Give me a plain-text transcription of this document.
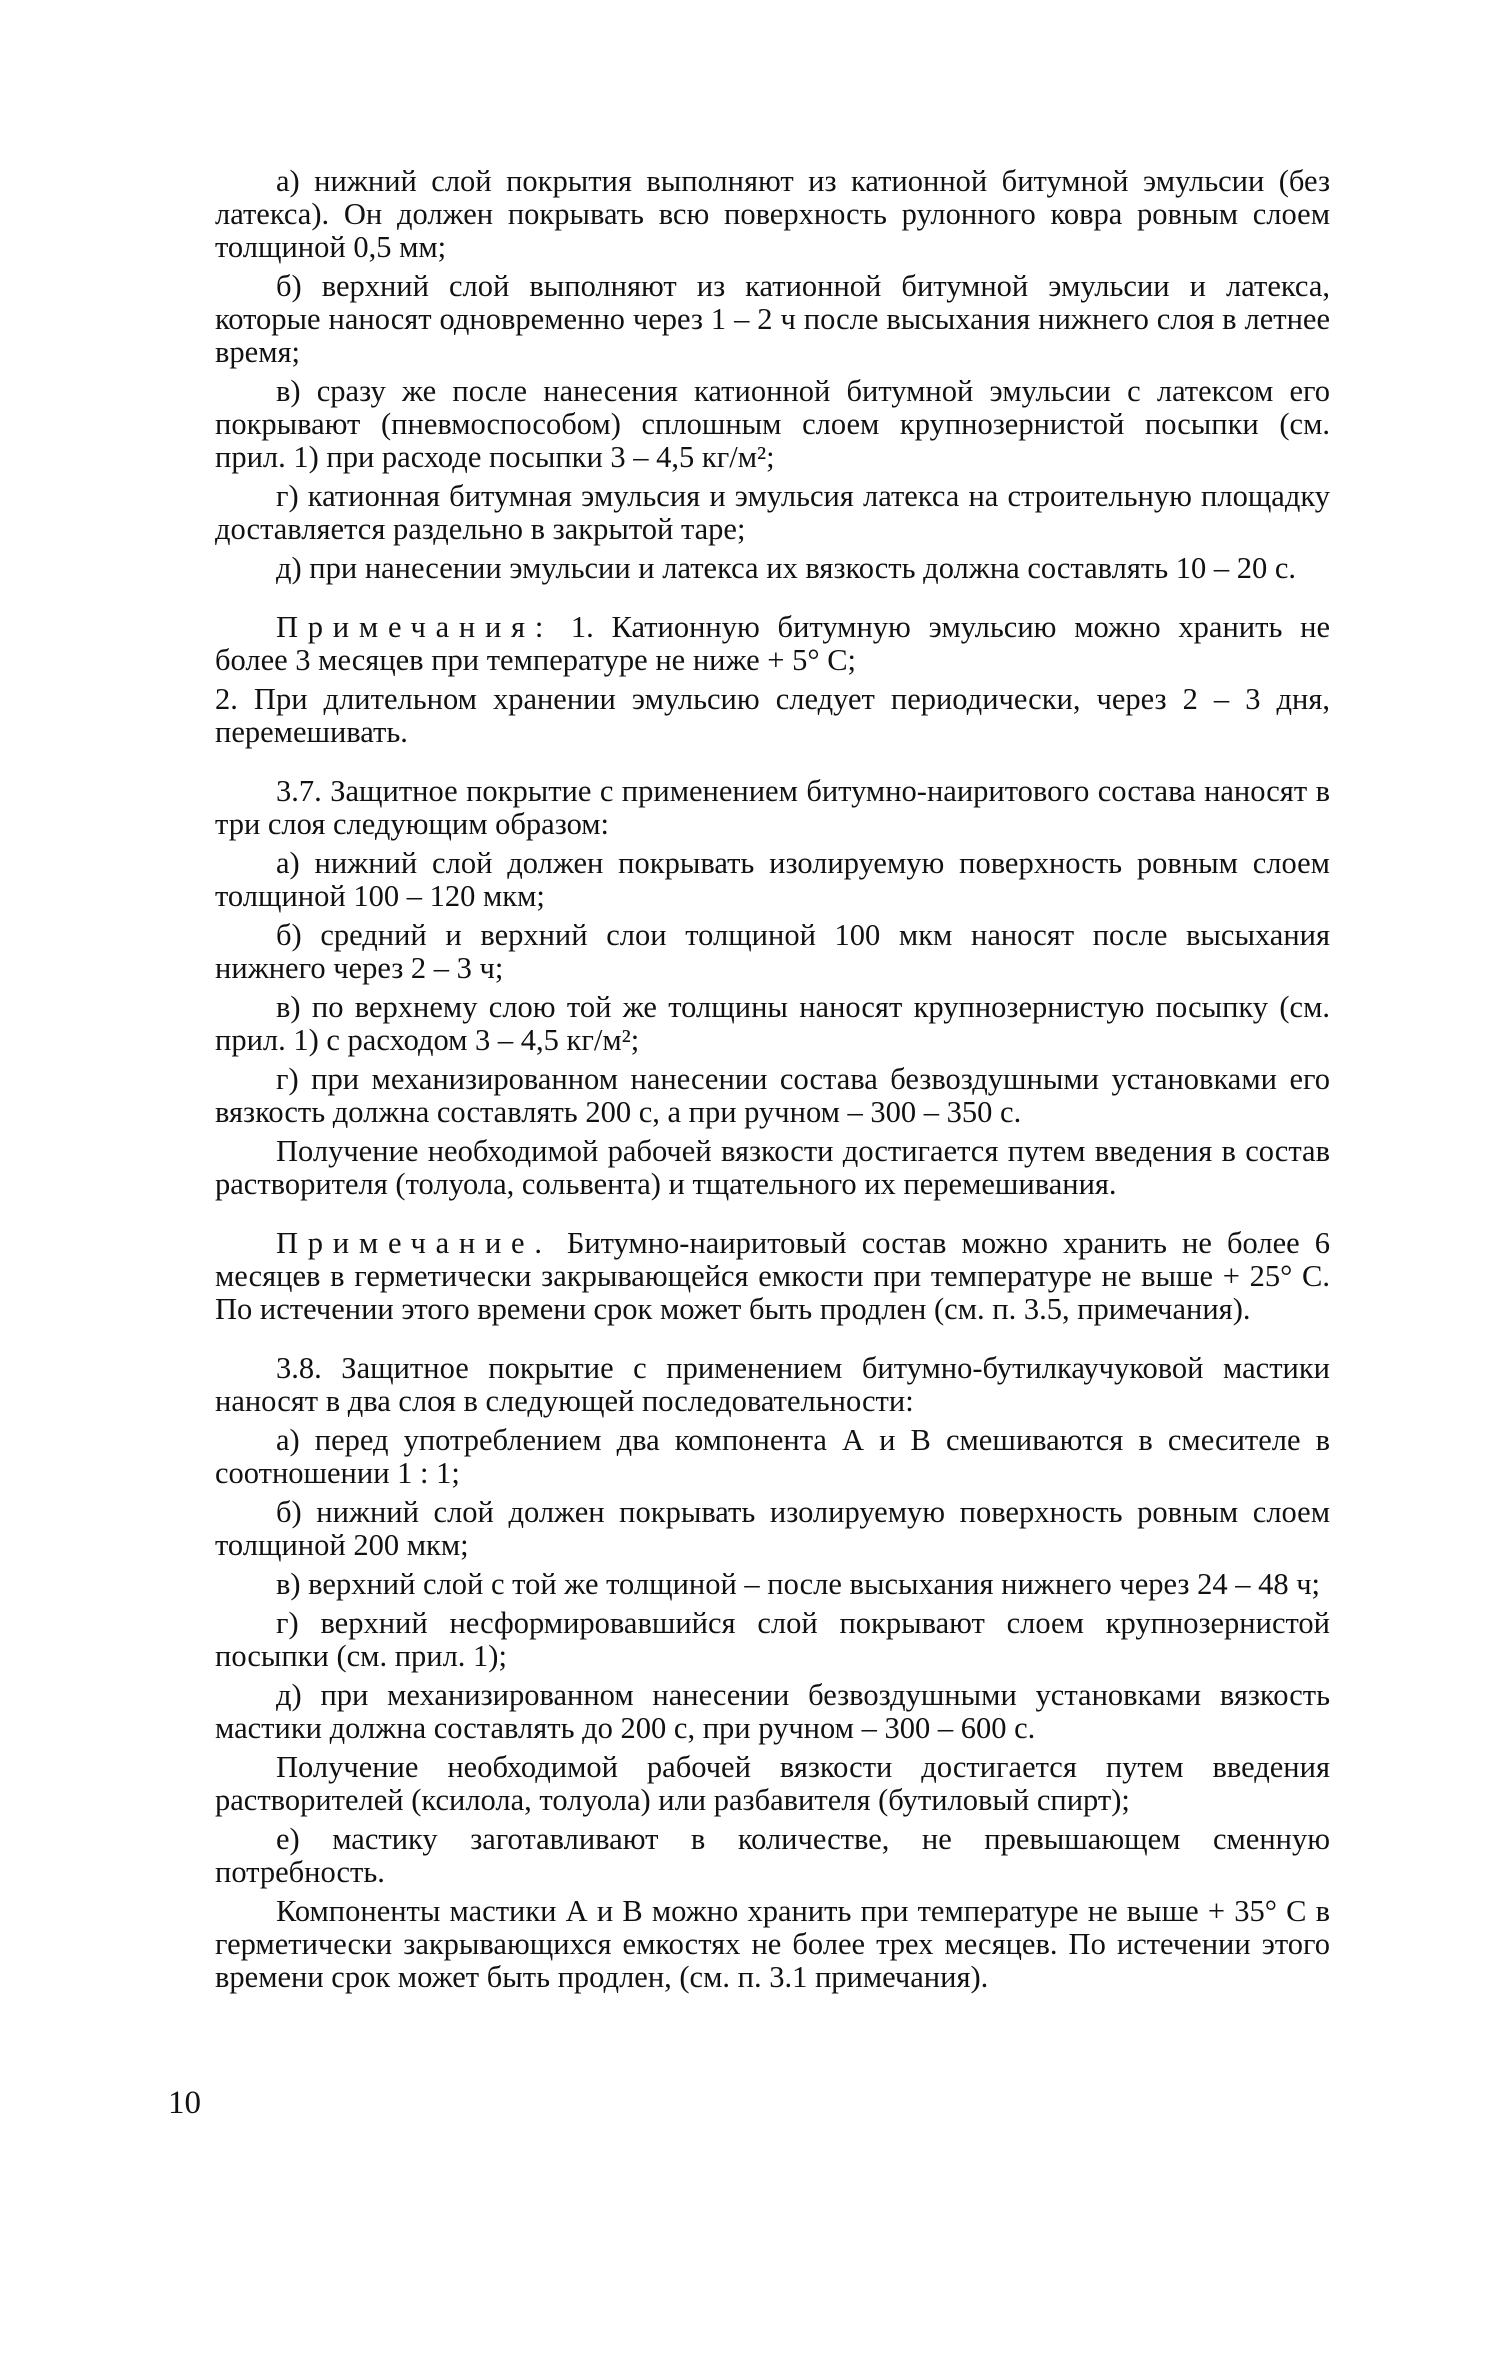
а) нижний слой покрытия выполняют из катионной битумной эмульсии (без латекса). Он должен покрывать всю поверхность рулонного ковра ровным слоем толщиной 0,5 мм;

б) верхний слой выполняют из катионной битумной эмульсии и латекса, которые наносят одновременно через 1 – 2 ч после высыхания нижнего слоя в летнее время;

в) сразу же после нанесения катионной битумной эмульсии с латексом его покрывают (пневмоспособом) сплошным слоем крупнозернистой посыпки (см. прил. 1) при расходе посыпки 3 – 4,5 кг/м²;

г) катионная битумная эмульсия и эмульсия латекса на строительную площадку доставляется раздельно в закрытой таре;

д) при нанесении эмульсии и латекса их вязкость должна составлять 10 – 20 с.

Примечания: 1. Катионную битумную эмульсию можно хранить не более 3 месяцев при температуре не ниже + 5° С;

2. При длительном хранении эмульсию следует периодически, через 2 – 3 дня, перемешивать.

3.7. Защитное покрытие с применением битумно-наиритового состава наносят в три слоя следующим образом:

а) нижний слой должен покрывать изолируемую поверхность ровным слоем толщиной 100 – 120 мкм;

б) средний и верхний слои толщиной 100 мкм наносят после высыхания нижнего через 2 – 3 ч;

в) по верхнему слою той же толщины наносят крупнозернистую посыпку (см. прил. 1) с расходом 3 – 4,5 кг/м²;

г) при механизированном нанесении состава безвоздушными установками его вязкость должна составлять 200 с, а при ручном – 300 – 350 с.

Получение необходимой рабочей вязкости достигается путем введения в состав растворителя (толуола, сольвента) и тщательного их перемешивания.

Примечание. Битумно-наиритовый состав можно хранить не более 6 месяцев в герметически закрывающейся емкости при температуре не выше + 25° С. По истечении этого времени срок может быть продлен (см. п. 3.5, примечания).

3.8. Защитное покрытие с применением битумно-бутилкаучуковой мастики наносят в два слоя в следующей последовательности:

а) перед употреблением два компонента А и В смешиваются в смесителе в соотношении 1 : 1;

б) нижний слой должен покрывать изолируемую поверхность ровным слоем толщиной 200 мкм;

в) верхний слой с той же толщиной – после высыхания нижнего через 24 – 48 ч;

г) верхний несформировавшийся слой покрывают слоем крупнозернистой посыпки (см. прил. 1);

д) при механизированном нанесении безвоздушными установками вязкость мастики должна составлять до 200 с, при ручном – 300 – 600 с.

Получение необходимой рабочей вязкости достигается путем введения растворителей (ксилола, толуола) или разбавителя (бутиловый спирт);

е) мастику заготавливают в количестве, не превышающем сменную потребность.

Компоненты мастики А и В можно хранить при температуре не выше + 35° С в герметически закрывающихся емкостях не более трех месяцев. По истечении этого времени срок может быть продлен, (см. п. 3.1 примечания).

10
